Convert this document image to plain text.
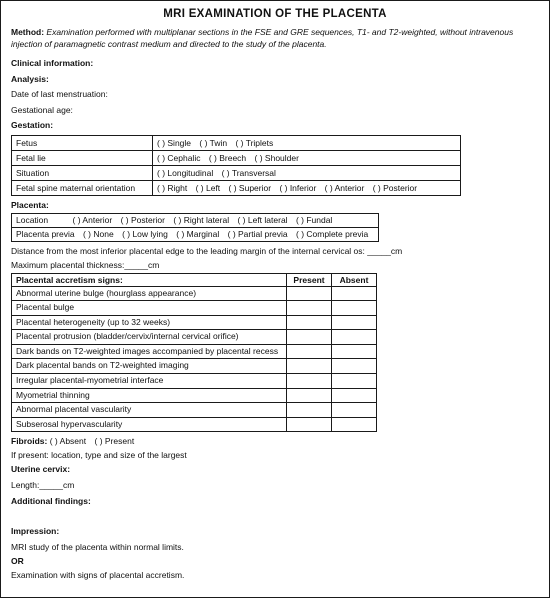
MRI EXAMINATION OF THE PLACENTA

Method: Examination performed with multiplanar sections in the FSE and GRE sequences, T1- and T2-weighted, without intravenous injection of paramagnetic contrast medium and directed to the study of the placenta.

Clinical information:
Analysis:
Date of last menstruation:
Gestational age:
Gestation:
Fetus	( ) Single ( ) Twin ( ) Triplets
Fetal lie	( ) Cephalic ( ) Breech ( ) Shoulder
Situation	( ) Longitudinal ( ) Transversal
Fetal spine maternal orientation	( ) Right ( ) Left ( ) Superior ( ) Inferior ( ) Anterior ( ) Posterior
Placenta:
Location	( ) Anterior ( ) Posterior ( ) Right lateral ( ) Left lateral ( ) Fundal
Placenta previa ( ) None ( ) Low lying ( ) Marginal ( ) Partial previa ( ) Complete previa
Distance from the most inferior placental edge to the leading margin of the internal cervical os: _____cm
Maximum placental thickness:_____cm
Placental accretism signs:	Present	Absent
Abnormal uterine bulge (hourglass appearance)		
Placental bulge		
Placental heterogeneity (up to 32 weeks)		
Placental protrusion (bladder/cervix/internal cervical orifice)		
Dark bands on T2-weighted images accompanied by placental recess		
Dark placental bands on T2-weighted imaging		
Irregular placental-myometrial interface		
Myometrial thinning		
Abnormal placental vascularity		
Subserosal hypervascularity		
Fibroids: ( ) Absent ( ) Present
If present: location, type and size of the largest
Uterine cervix:
Length:_____cm
Additional findings:
Impression:
MRI study of the placenta within normal limits.
OR
Examination with signs of placental accretism.
